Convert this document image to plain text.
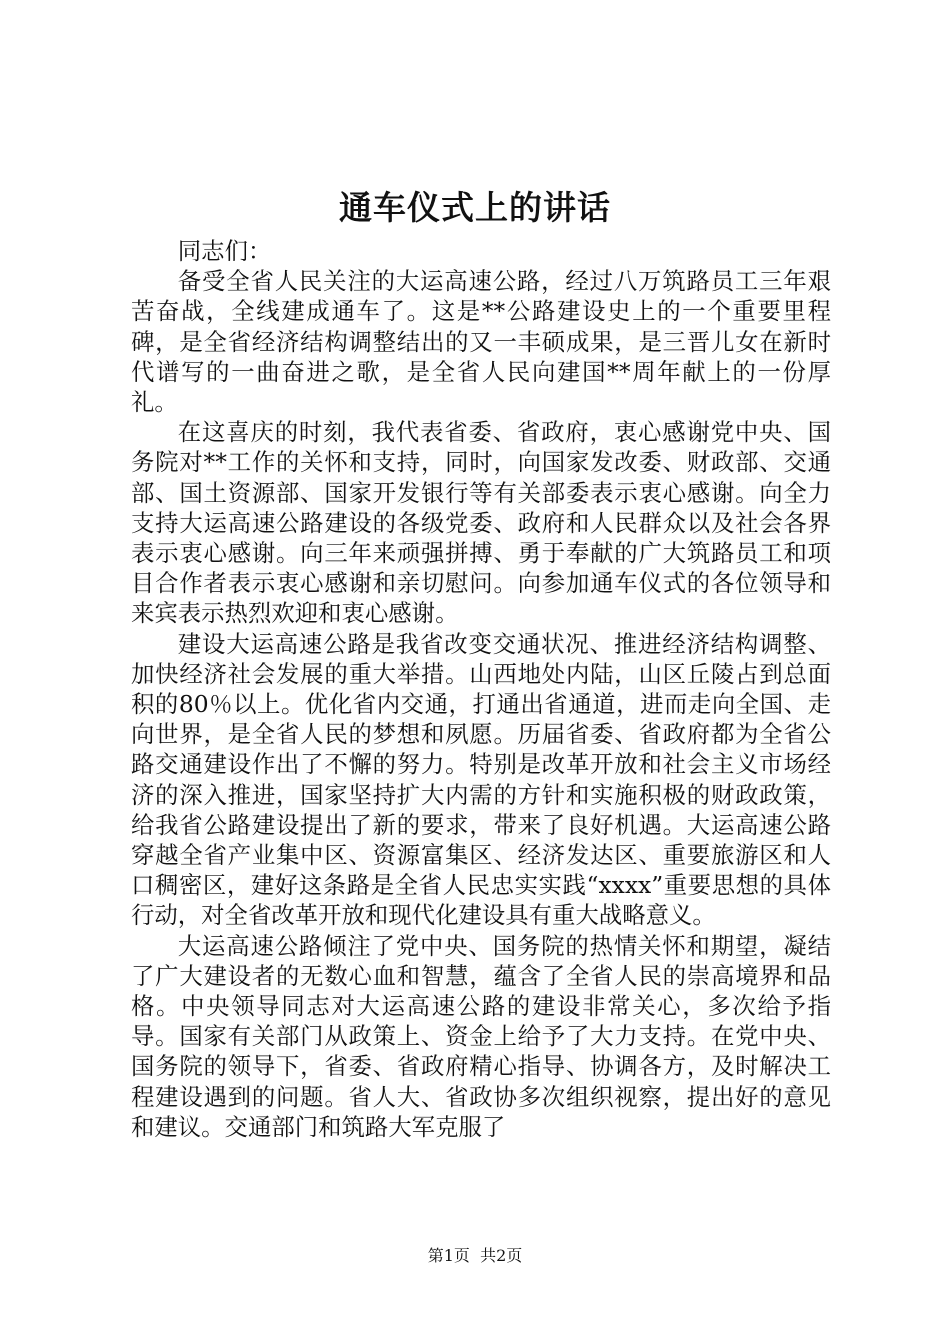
通车仪式上的讲话

同志们：

备受全省人民关注的大运高速公路，经过八万筑路员工三年艰苦奋战，全线建成通车了。这是**公路建设史上的一个重要里程碑，是全省经济结构调整结出的又一丰硕成果，是三晋儿女在新时代谱写的一曲奋进之歌，是全省人民向建国**周年献上的一份厚礼。

在这喜庆的时刻，我代表省委、省政府，衷心感谢党中央、国务院对**工作的关怀和支持，同时，向国家发改委、财政部、交通部、国土资源部、国家开发银行等有关部委表示衷心感谢。向全力支持大运高速公路建设的各级党委、政府和人民群众以及社会各界表示衷心感谢。向三年来顽强拼搏、勇于奉献的广大筑路员工和项目合作者表示衷心感谢和亲切慰问。向参加通车仪式的各位领导和来宾表示热烈欢迎和衷心感谢。

建设大运高速公路是我省改变交通状况、推进经济结构调整、加快经济社会发展的重大举措。山西地处内陆，山区丘陵占到总面积的80％以上。优化省内交通，打通出省通道，进而走向全国、走向世界，是全省人民的梦想和夙愿。历届省委、省政府都为全省公路交通建设作出了不懈的努力。特别是改革开放和社会主义市场经济的深入推进，国家坚持扩大内需的方针和实施积极的财政政策，给我省公路建设提出了新的要求，带来了良好机遇。大运高速公路穿越全省产业集中区、资源富集区、经济发达区、重要旅游区和人口稠密区，建好这条路是全省人民忠实实践“xxxx”重要思想的具体行动，对全省改革开放和现代化建设具有重大战略意义。

大运高速公路倾注了党中央、国务院的热情关怀和期望，凝结了广大建设者的无数心血和智慧，蕴含了全省人民的崇高境界和品格。中央领导同志对大运高速公路的建设非常关心，多次给予指导。国家有关部门从政策上、资金上给予了大力支持。在党中央、国务院的领导下，省委、省政府精心指导、协调各方，及时解决工程建设遇到的问题。省人大、省政协多次组织视察，提出好的意见和建议。交通部门和筑路大军克服了

第1页  共2页
